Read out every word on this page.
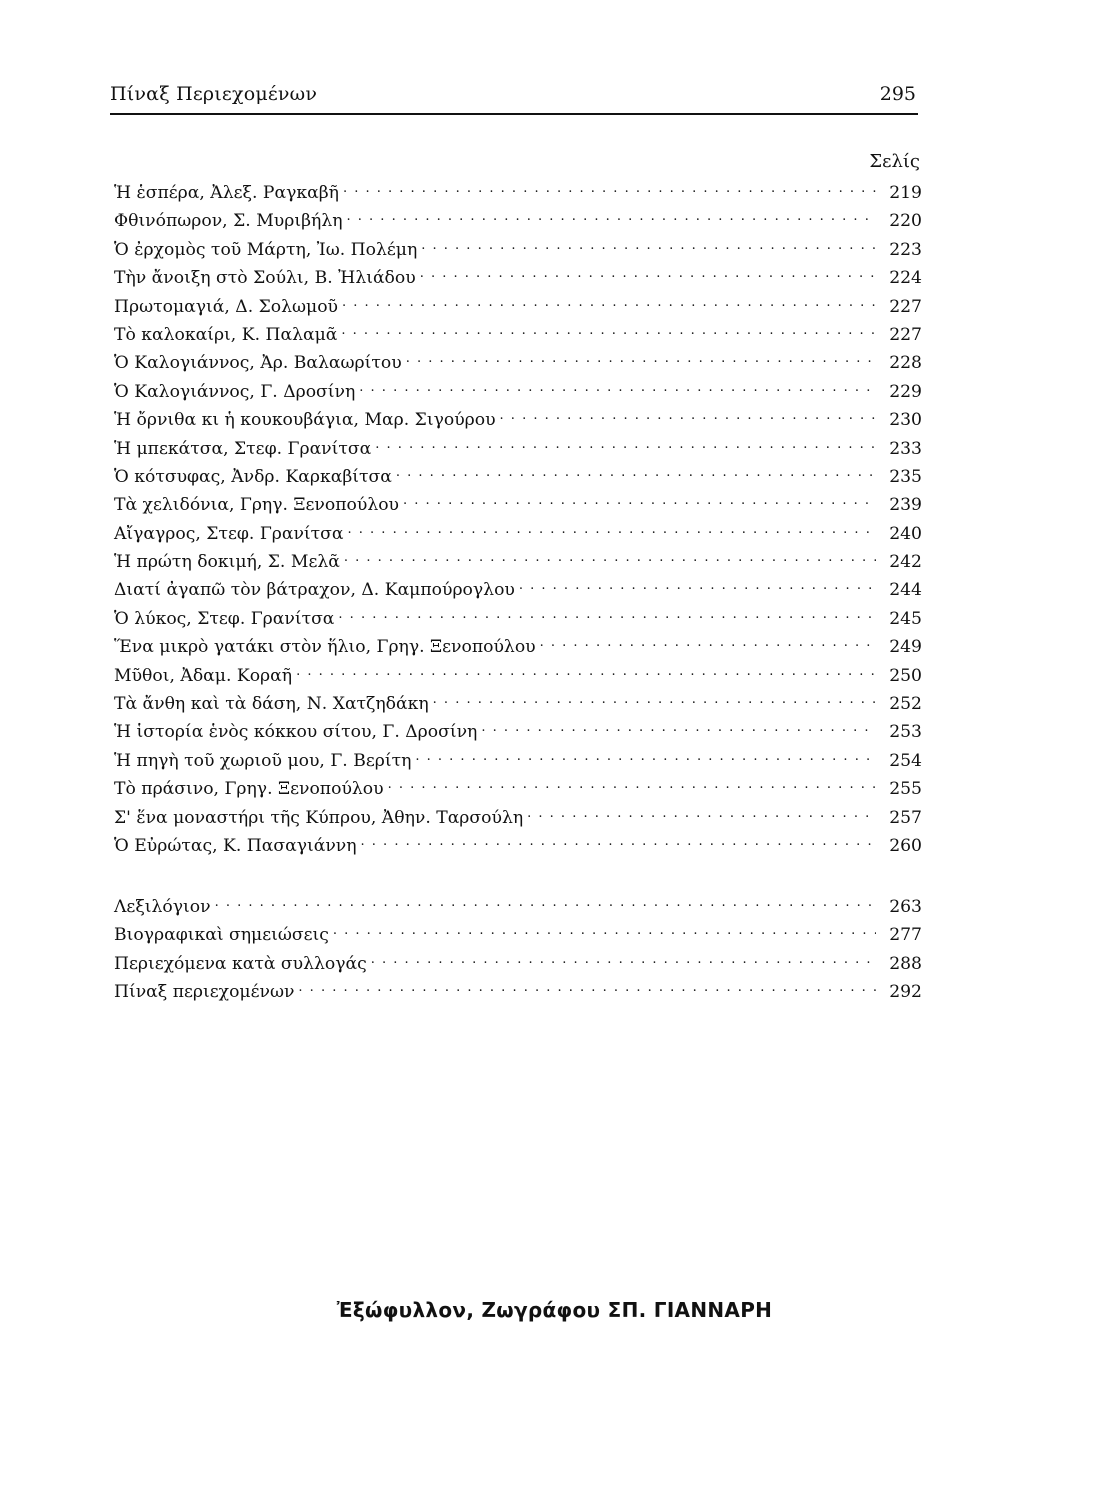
Πίναξ Περιεχομένων	295
Σελίς
Ἡ ἑσπέρα, Ἀλεξ. Ραγκαβῆ . . .	219
Φθινόπωρον, Σ. Μυριβήλη . . .	220
Ὁ ἐρχομὸς τοῦ Μάρτη, Ἰω. Πολέμη . . .	223
Τὴν ἄνοιξη στὸ Σούλι, Β. Ἠλιάδου . . .	224
Πρωτομαγιά, Δ. Σολωμοῦ . . .	227
Τὸ καλοκαίρι, Κ. Παλαμᾶ . . .	227
Ὁ Καλογιάννος, Ἀρ. Βαλαωρίτου . . .	228
Ὁ Καλογιάννος, Γ. Δροσίνη . . .	229
Ἡ ὄρνιθα κι ἡ κουκουβάγια, Μαρ. Σιγούρου . . .	230
Ἡ μπεκάτσα, Στεφ. Γρανίτσα . . .	233
Ὁ κότσυφας, Ἀνδρ. Καρκαβίτσα . . .	235
Τὰ χελιδόνια, Γρηγ. Ξενοπούλου . . .	239
Αἴγαγρος, Στεφ. Γρανίτσα . . .	240
Ἡ πρώτη δοκιμή, Σ. Μελᾶ . . .	242
Διατί ἀγαπῶ τὸν βάτραχον, Δ. Καμπούρογλου . . .	244
Ὁ λύκος, Στεφ. Γρανίτσα . . .	245
Ἕνα μικρὸ γατάκι στὸν ἥλιο, Γρηγ. Ξενοπούλου . . .	249
Μῦθοι, Ἀδαμ. Κοραῆ . . .	250
Τὰ ἄνθη καὶ τὰ δάση, Ν. Χατζηδάκη . . .	252
Ἡ ἱστορία ἑνὸς κόκκου σίτου, Γ. Δροσίνη . . .	253
Ἡ πηγὴ τοῦ χωριοῦ μου, Γ. Βερίτη . . .	254
Τὸ πράσινο, Γρηγ. Ξενοπούλου . . .	255
Σ' ἕνα μοναστήρι τῆς Κύπρου, Ἀθην. Ταρσούλη . . .	257
Ὁ Εὐρώτας, Κ. Πασαγιάννη . . .	260
Λεξιλόγιον . . .	263
Βιογραφικαὶ σημειώσεις . . .	277
Περιεχόμενα κατὰ συλλογάς . . .	288
Πίναξ περιεχομένων . . .	292
Ἐξώφυλλον, Ζωγράφου ΣΠ. ΓΙΑΝΝΑΡΗ
